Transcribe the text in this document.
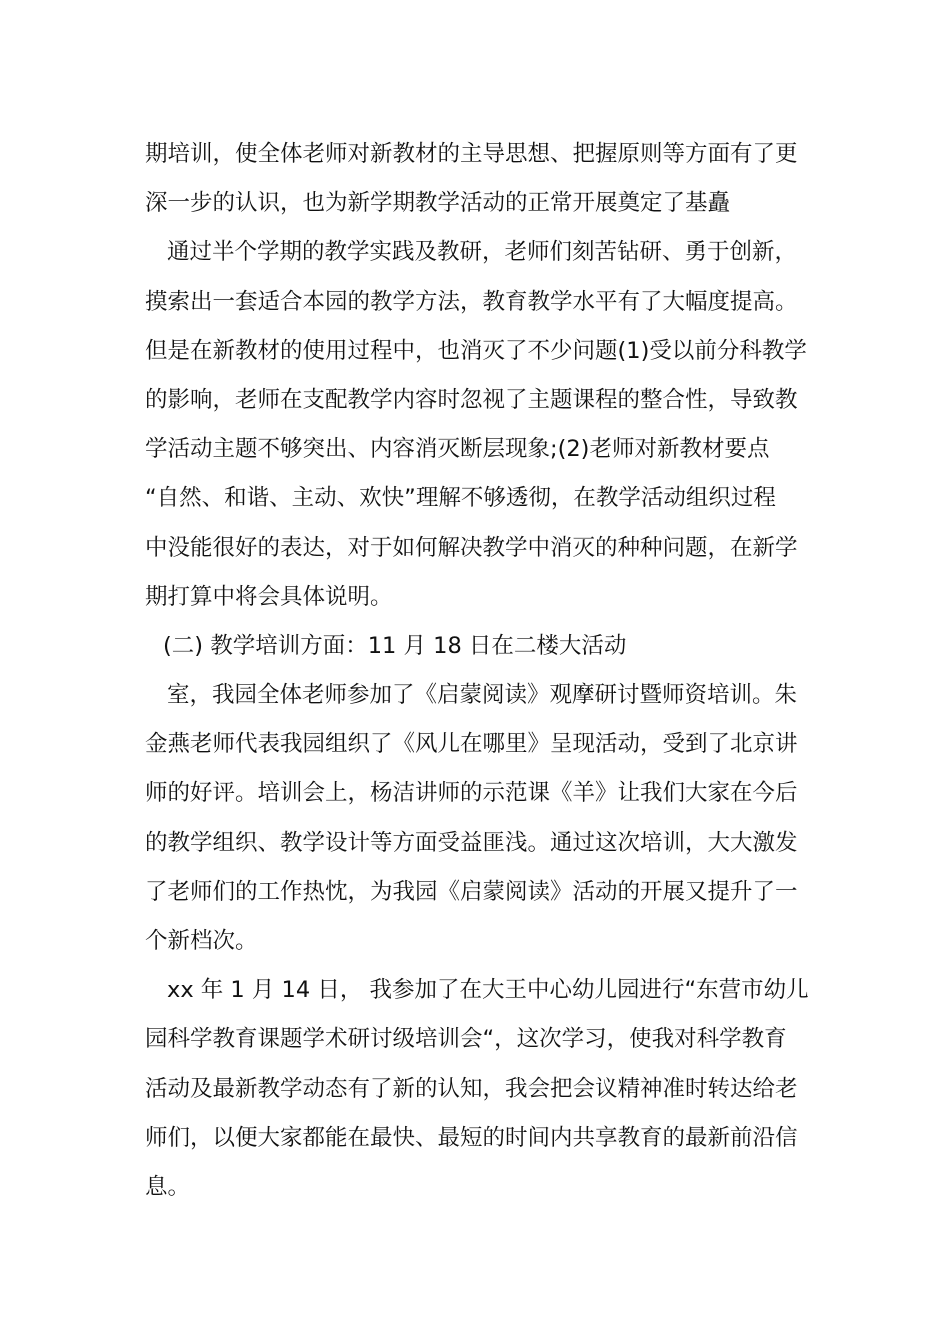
期培训，使全体老师对新教材的主导思想、把握原则等方面有了更
深一步的认识，也为新学期教学活动的正常开展奠定了基矗
通过半个学期的教学实践及教研，老师们刻苦钻研、勇于创新，
摸索出一套适合本园的教学方法，教育教学水平有了大幅度提高。
但是在新教材的使用过程中，也消灭了不少问题(1)受以前分科教学
的影响，老师在支配教学内容时忽视了主题课程的整合性，导致教
学活动主题不够突出、内容消灭断层现象;(2)老师对新教材要点
“自然、和谐、主动、欢快”理解不够透彻，在教学活动组织过程
中没能很好的表达，对于如何解决教学中消灭的种种问题，在新学
期打算中将会具体说明。
(二) 教学培训方面：11 月 18 日在二楼大活动
室，我园全体老师参加了《启蒙阅读》观摩研讨暨师资培训。朱
金燕老师代表我园组织了《风儿在哪里》呈现活动，受到了北京讲
师的好评。培训会上，杨洁讲师的示范课《羊》让我们大家在今后
的教学组织、教学设计等方面受益匪浅。通过这次培训，大大激发
了老师们的工作热忱，为我园《启蒙阅读》活动的开展又提升了一
个新档次。
xx 年 1 月 14 日， 我参加了在大王中心幼儿园进行“东营市幼儿
园科学教育课题学术研讨级培训会“，这次学习，使我对科学教育
活动及最新教学动态有了新的认知，我会把会议精神准时转达给老
师们，以便大家都能在最快、最短的时间内共享教育的最新前沿信
息。
